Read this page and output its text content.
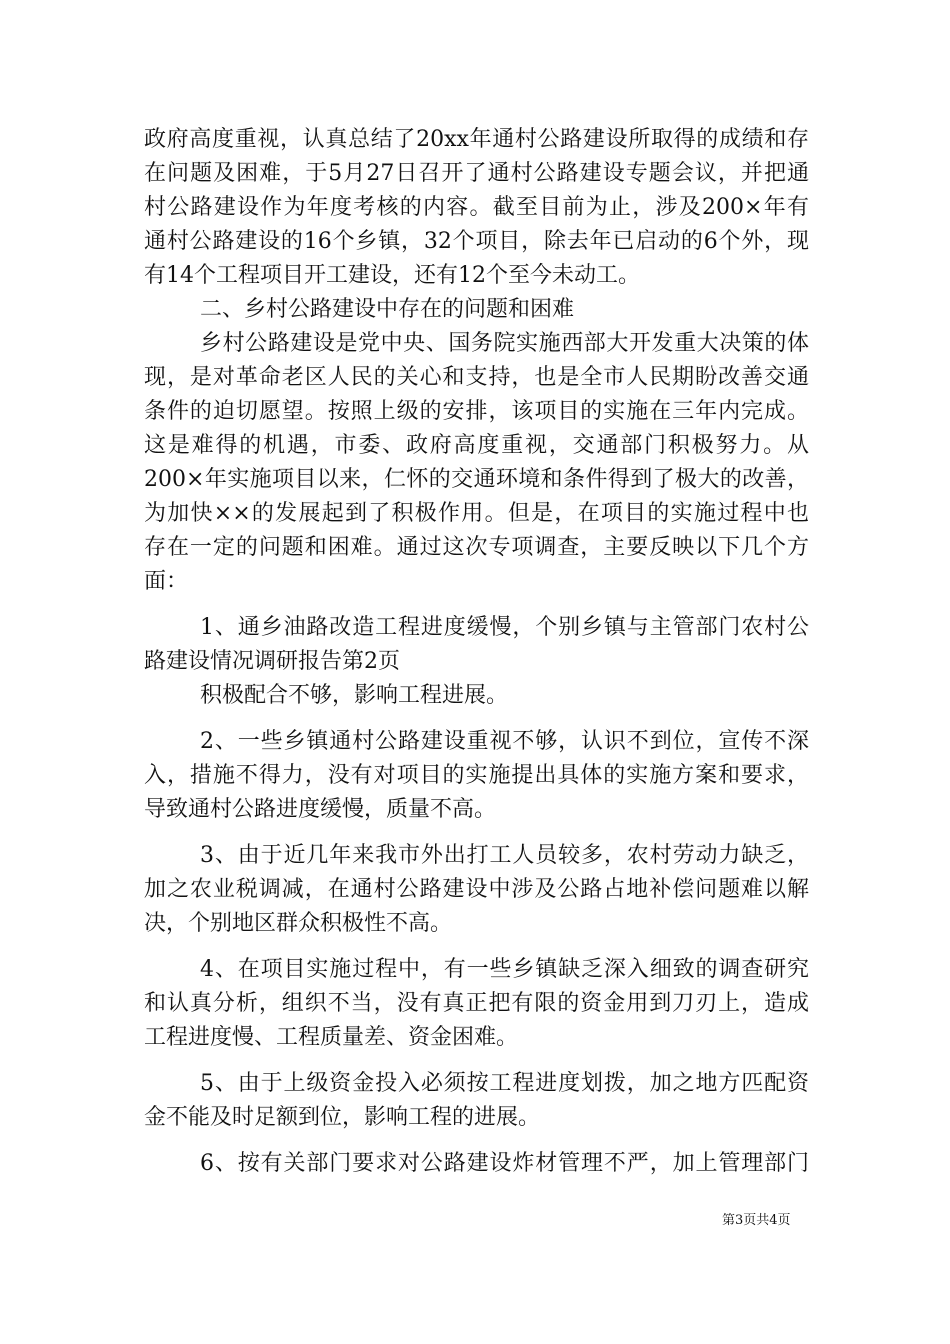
政府高度重视，认真总结了20xx年通村公路建设所取得的成绩和存
在问题及困难，于5月27日召开了通村公路建设专题会议，并把通
村公路建设作为年度考核的内容。截至目前为止，涉及200×年有
通村公路建设的16个乡镇，32个项目，除去年已启动的6个外，现
有14个工程项目开工建设，还有12个至今未动工。
二、乡村公路建设中存在的问题和困难
乡村公路建设是党中央、国务院实施西部大开发重大决策的体
现，是对革命老区人民的关心和支持，也是全市人民期盼改善交通
条件的迫切愿望。按照上级的安排，该项目的实施在三年内完成。
这是难得的机遇，市委、政府高度重视，交通部门积极努力。从
200×年实施项目以来，仁怀的交通环境和条件得到了极大的改善，
为加快××的发展起到了积极作用。但是，在项目的实施过程中也
存在一定的问题和困难。通过这次专项调查，主要反映以下几个方
面：
1、通乡油路改造工程进度缓慢，个别乡镇与主管部门农村公
路建设情况调研报告第2页
积极配合不够，影响工程进展。
2、一些乡镇通村公路建设重视不够，认识不到位，宣传不深
入，措施不得力，没有对项目的实施提出具体的实施方案和要求，
导致通村公路进度缓慢，质量不高。
3、由于近几年来我市外出打工人员较多，农村劳动力缺乏，
加之农业税调减，在通村公路建设中涉及公路占地补偿问题难以解
决，个别地区群众积极性不高。
4、在项目实施过程中，有一些乡镇缺乏深入细致的调查研究
和认真分析，组织不当，没有真正把有限的资金用到刀刃上，造成
工程进度慢、工程质量差、资金困难。
5、由于上级资金投入必须按工程进度划拨，加之地方匹配资
金不能及时足额到位，影响工程的进展。
6、按有关部门要求对公路建设炸材管理不严，加上管理部门
第3页共4页
